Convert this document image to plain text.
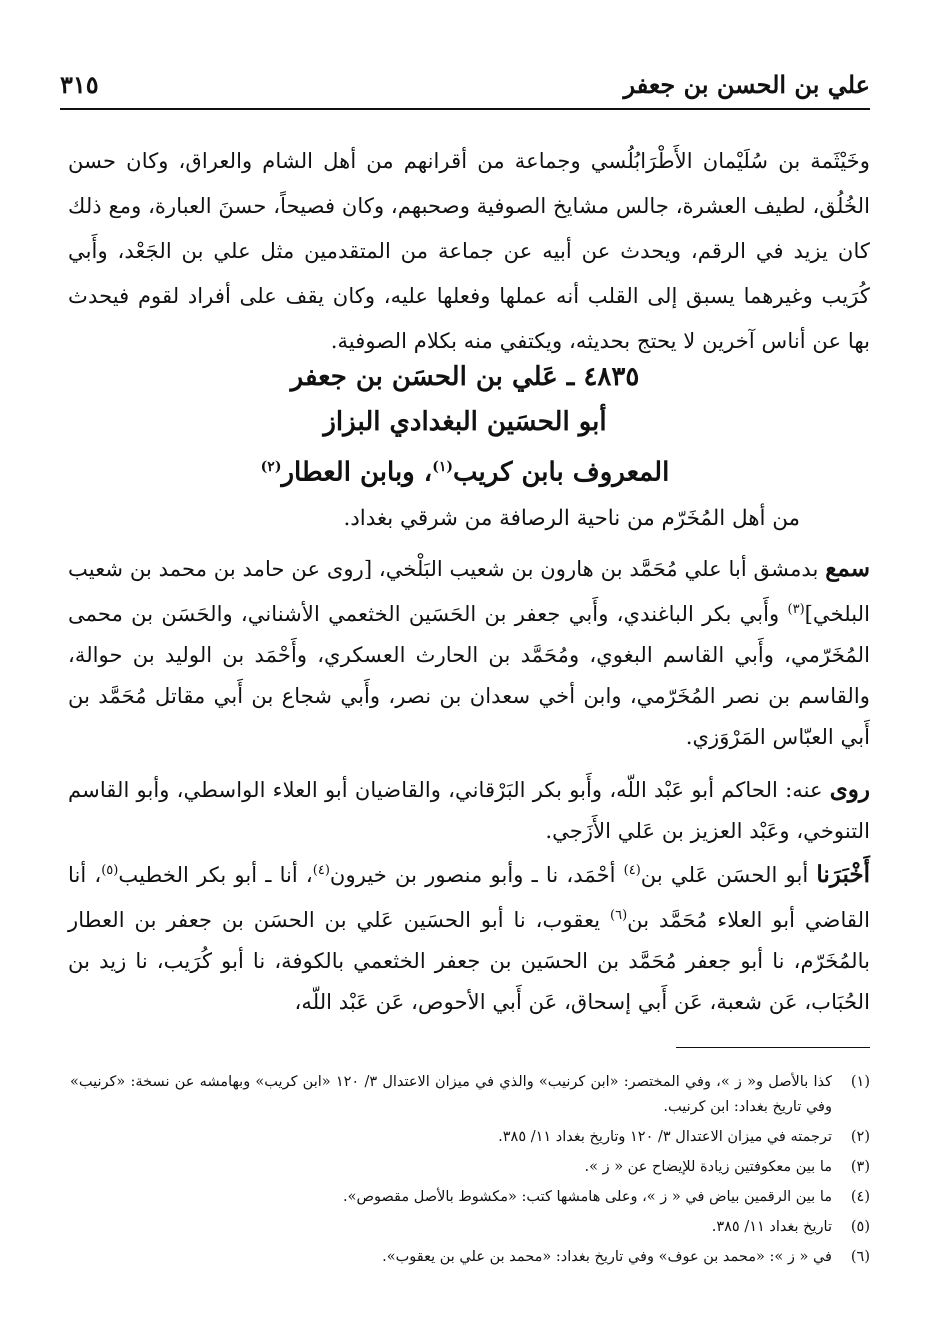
علي بن الحسن بن جعفر
٣١٥

وخَيْثَمة بن سُلَيْمان الأَطْرَابُلُسي وجماعة من أقرانهم من أهل الشام والعراق، وكان حسن الخُلُق، لطيف العشرة، جالس مشايخ الصوفية وصحبهم، وكان فصيحاً، حسنَ العبارة، ومع ذلك كان يزيد في الرقم، ويحدث عن أبيه عن جماعة من المتقدمين مثل علي بن الجَعْد، وأَبي كُرَيب وغيرهما يسبق إلى القلب أنه عملها وفعلها عليه، وكان يقف على أفراد لقوم فيحدث بها عن أناس آخرين لا يحتج بحديثه، ويكتفي منه بكلام الصوفية.

٤٨٣٥ ـ عَلي بن الحسَن بن جعفر
أبو الحسَين البغدادي البزاز
المعروف بابن كريب$^{(١)}$، وبابن العطار$^{(٢)}$

من أهل المُخَرّم من ناحية الرصافة من شرقي بغداد.

سمع بدمشق أبا علي مُحَمَّد بن هارون بن شعيب البَلْخي، [روى عن حامد بن محمد بن شعيب البلخي]$^{(٣)}$ وأَبي بكر الباغندي، وأَبي جعفر بن الحَسَين الخثعمي الأشناني، والحَسَن بن محمى المُخَرّمي، وأَبي القاسم البغوي، ومُحَمَّد بن الحارث العسكري، وأَحْمَد بن الوليد بن حوالة، والقاسم بن نصر المُخَرّمي، وابن أخي سعدان بن نصر، وأَبي شجاع بن أَبي مقاتل مُحَمَّد بن أَبي العبّاس المَرْوَزي.

روى عنه: الحاكم أبو عَبْد اللّه، وأَبو بكر البَرْقاني، والقاضيان أبو العلاء الواسطي، وأبو القاسم التنوخي، وعَبْد العزيز بن عَلي الأَزَجي.

أَخْبَرَنا أبو الحسَن عَلي بن$^{(٤)}$ أحْمَد، نا ـ وأبو منصور بن خيرون$^{(٤)}$، أنا ـ أبو بكر الخطيب$^{(٥)}$، أنا القاضي أبو العلاء مُحَمَّد بن$^{(٦)}$ يعقوب، نا أبو الحسَين عَلي بن الحسَن بن جعفر بن العطار بالمُخَرّم، نا أبو جعفر مُحَمَّد بن الحسَين بن جعفر الخثعمي بالكوفة، نا أبو كُرَيب، نا زيد بن الحُبَاب، عَن شعبة، عَن أَبي إسحاق، عَن أَبي الأحوص، عَن عَبْد اللّه،

(١)
كذا بالأصل و« ز »، وفي المختصر: «ابن كرنيب» والذي في ميزان الاعتدال ٣/ ١٢٠ «ابن كريب» وبهامشه عن نسخة: «كرنيب» وفي تاريخ بغداد: ابن كرنيب.
(٢)
ترجمته في ميزان الاعتدال ٣/ ١٢٠ وتاريخ بغداد ١١/ ٣٨٥.
(٣)
ما بين معكوفتين زيادة للإيضاح عن « ز ».
(٤)
ما بين الرقمين بياض في « ز »، وعلى هامشها كتب: «مكشوط بالأصل مقصوص».
(٥)
تاريخ بغداد ١١/ ٣٨٥.
(٦)
في « ز »: «محمد بن عوف» وفي تاريخ بغداد: «محمد بن علي بن يعقوب».
